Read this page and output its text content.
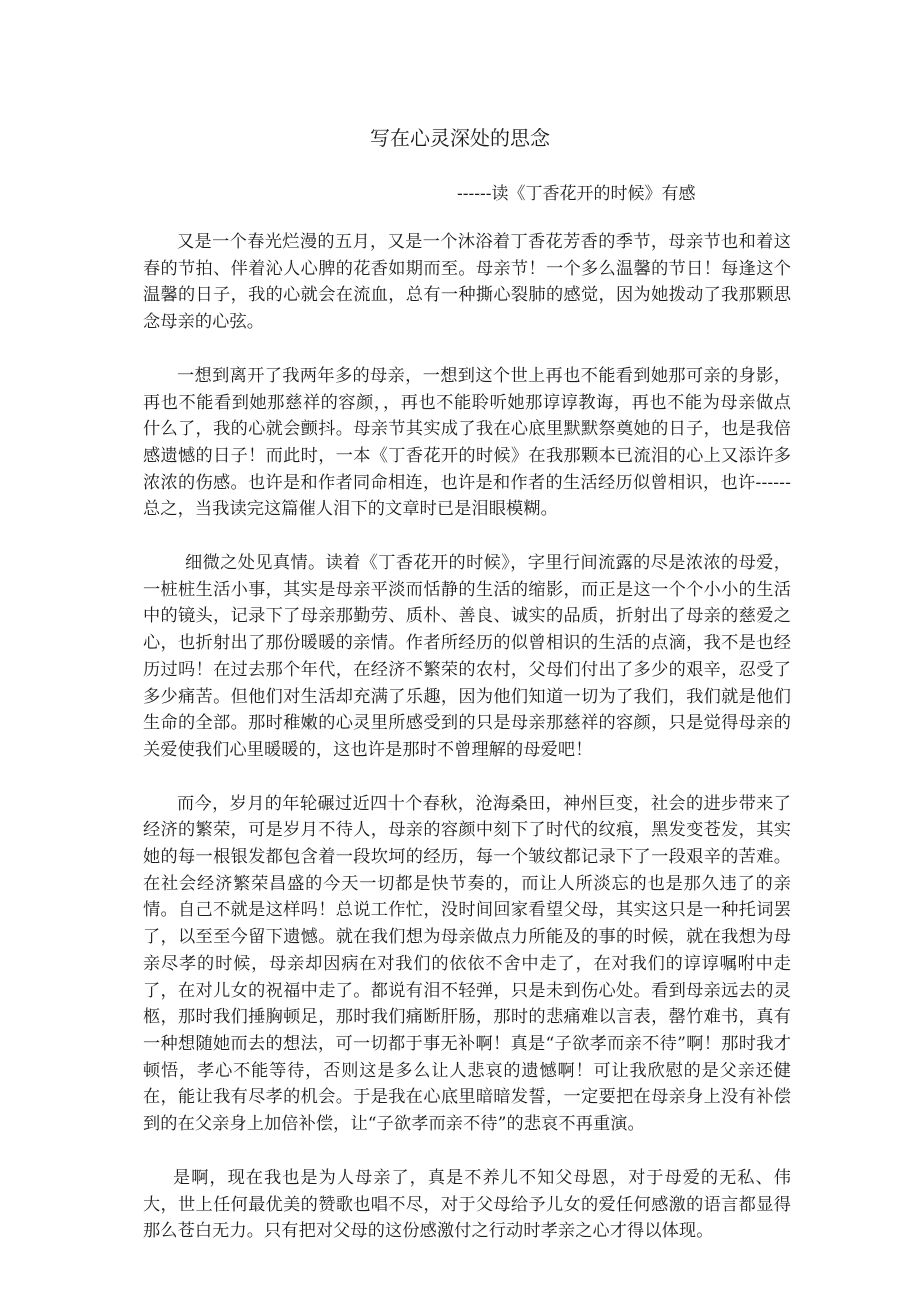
写在心灵深处的思念
------读《丁香花开的时候》有感

又是一个春光烂漫的五月，又是一个沐浴着丁香花芳香的季节，母亲节也和着这春的节拍、伴着沁人心脾的花香如期而至。母亲节！一个多么温馨的节日！每逢这个温馨的日子，我的心就会在流血，总有一种撕心裂肺的感觉，因为她拨动了我那颗思念母亲的心弦。

一想到离开了我两年多的母亲，一想到这个世上再也不能看到她那可亲的身影，再也不能看到她那慈祥的容颜，，再也不能聆听她那谆谆教诲，再也不能为母亲做点什么了，我的心就会颤抖。母亲节其实成了我在心底里默默祭奠她的日子，也是我倍感遗憾的日子！而此时，一本《丁香花开的时候》在我那颗本已流泪的心上又添许多浓浓的伤感。也许是和作者同命相连，也许是和作者的生活经历似曾相识，也许------总之，当我读完这篇催人泪下的文章时已是泪眼模糊。

细微之处见真情。读着《丁香花开的时候》，字里行间流露的尽是浓浓的母爱，一桩桩生活小事，其实是母亲平淡而恬静的生活的缩影，而正是这一个个小小的生活中的镜头，记录下了母亲那勤劳、质朴、善良、诚实的品质，折射出了母亲的慈爱之心，也折射出了那份暖暖的亲情。作者所经历的似曾相识的生活的点滴，我不是也经历过吗！在过去那个年代，在经济不繁荣的农村，父母们付出了多少的艰辛，忍受了多少痛苦。但他们对生活却充满了乐趣，因为他们知道一切为了我们，我们就是他们生命的全部。那时稚嫩的心灵里所感受到的只是母亲那慈祥的容颜，只是觉得母亲的关爱使我们心里暖暖的，这也许是那时不曾理解的母爱吧！

而今，岁月的年轮碾过近四十个春秋，沧海桑田，神州巨变，社会的进步带来了经济的繁荣，可是岁月不待人，母亲的容颜中刻下了时代的纹痕，黑发变苍发，其实她的每一根银发都包含着一段坎坷的经历，每一个皱纹都记录下了一段艰辛的苦难。在社会经济繁荣昌盛的今天一切都是快节奏的，而让人所淡忘的也是那久违了的亲情。自己不就是这样吗！总说工作忙，没时间回家看望父母，其实这只是一种托词罢了，以至至今留下遗憾。就在我们想为母亲做点力所能及的事的时候，就在我想为母亲尽孝的时候，母亲却因病在对我们的依依不舍中走了，在对我们的谆谆嘱咐中走了，在对儿女的祝福中走了。都说有泪不轻弹，只是未到伤心处。看到母亲远去的灵柩，那时我们捶胸顿足，那时我们痛断肝肠，那时的悲痛难以言表，罄竹难书，真有一种想随她而去的想法，可一切都于事无补啊！真是“子欲孝而亲不待”啊！那时我才顿悟，孝心不能等待，否则这是多么让人悲哀的遗憾啊！可让我欣慰的是父亲还健在，能让我有尽孝的机会。于是我在心底里暗暗发誓，一定要把在母亲身上没有补偿到的在父亲身上加倍补偿，让“子欲孝而亲不待”的悲哀不再重演。

是啊，现在我也是为人母亲了，真是不养儿不知父母恩，对于母爱的无私、伟大，世上任何最优美的赞歌也唱不尽，对于父母给予儿女的爱任何感激的语言都显得那么苍白无力。只有把对父母的这份感激付之行动时孝亲之心才得以体现。
